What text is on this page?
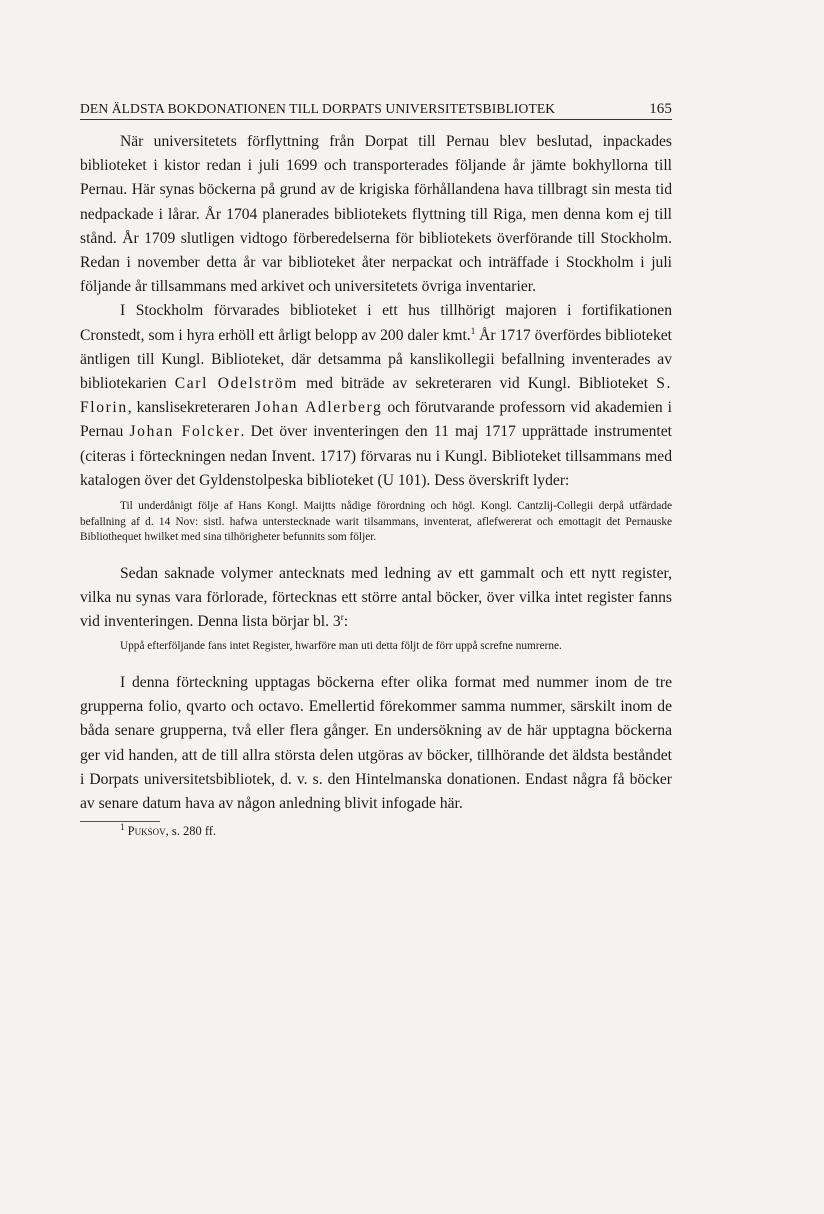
DEN ÄLDSTA BOKDONATIONEN TILL DORPATS UNIVERSITETSBIBLIOTEK	165

När universitetets förflyttning från Dorpat till Pernau blev beslutad, inpackades biblioteket i kistor redan i juli 1699 och transporterades följande år jämte bokhyllorna till Pernau. Här synas böckerna på grund av de krigiska förhållandena hava tillbragt sin mesta tid nedpackade i lårar. År 1704 planerades bibliotekets flyttning till Riga, men denna kom ej till stånd. År 1709 slutligen vidtogo förberedelserna för bibliotekets överförande till Stockholm. Redan i november detta år var biblioteket åter nerpackat och inträffade i Stockholm i juli följande år tillsammans med arkivet och universitetets övriga inventarier.

I Stockholm förvarades biblioteket i ett hus tillhörigt majoren i fortifikationen Cronstedt, som i hyra erhöll ett årligt belopp av 200 daler kmt.$^1$ År 1717 överfördes biblioteket äntligen till Kungl. Biblioteket, där detsamma på kanslikollegii befallning inventerades av bibliotekarien Carl Odelström med biträde av sekreteraren vid Kungl. Biblioteket S. Florin, kanslisekreteraren Johan Adlerberg och förutvarande professorn vid akademien i Pernau Johan Folcker. Det över inventeringen den 11 maj 1717 upprättade instrumentet (citeras i förteckningen nedan Invent. 1717) förvaras nu i Kungl. Biblioteket tillsammans med katalogen över det Gyldenstolpeska biblioteket (U 101). Dess överskrift lyder:

Til underdånigt följe af Hans Kongl. Maijtts nådige förordning och högl. Kongl. Cantzlij-Collegii derpå utfärdade befallning af d. 14 Nov: sistl. hafwa unterstecknade warit tilsammans, inventerat, aflefwererat och emottagit det Pernauske Bibliothequet hwilket med sina tilhörigheter befunnits som följer.

Sedan saknade volymer antecknats med ledning av ett gammalt och ett nytt register, vilka nu synas vara förlorade, förtecknas ett större antal böcker, över vilka intet register fanns vid inventeringen. Denna lista börjar bl. 3$^r$:

Uppå efterföljande fans intet Register, hwarföre man uti detta följt de förr uppå screfne numrerne.

I denna förteckning upptagas böckerna efter olika format med nummer inom de tre grupperna folio, qvarto och octavo. Emellertid förekommer samma nummer, särskilt inom de båda senare grupperna, två eller flera gånger. En undersökning av de här upptagna böckerna ger vid handen, att de till allra största delen utgöras av böcker, tillhörande det äldsta beståndet i Dorpats universitetsbibliotek, d. v. s. den Hintelmanska donationen. Endast några få böcker av senare datum hava av någon anledning blivit infogade här.

$^1$ Puksov, s. 280 ff.
